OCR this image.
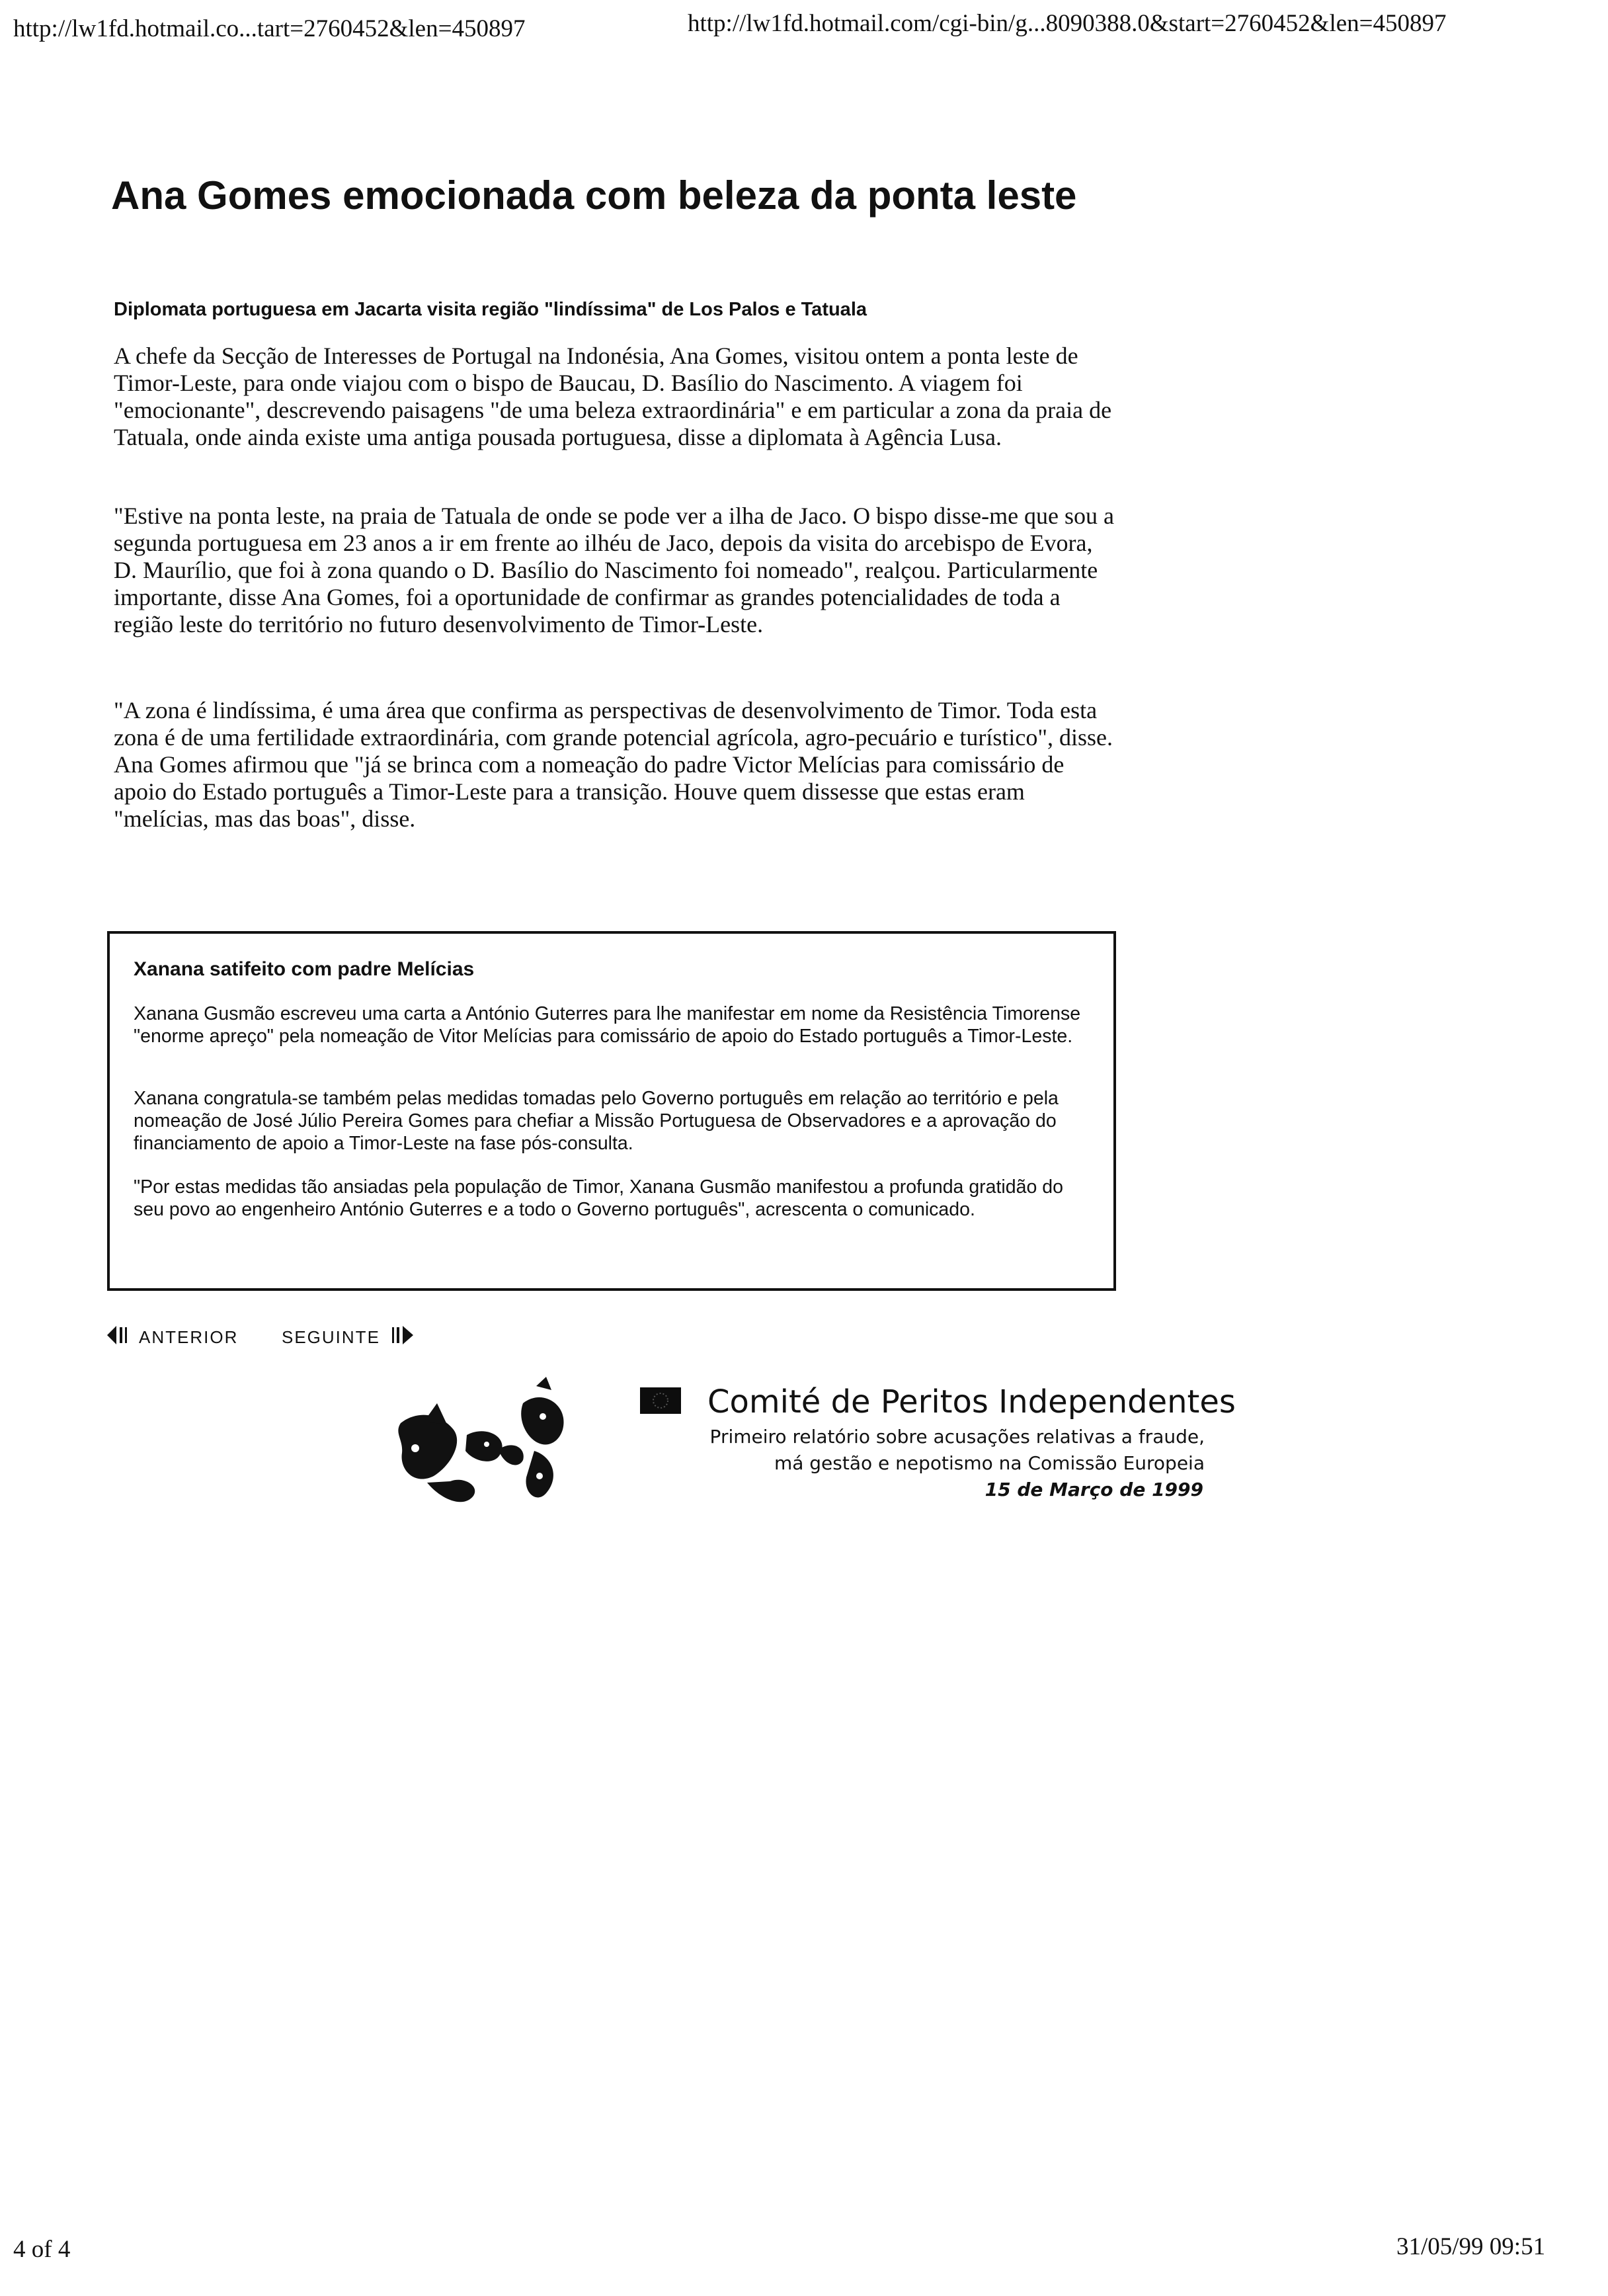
http://lw1fd.hotmail.co...tart=2760452&len=450897	http://lw1fd.hotmail.com/cgi-bin/g...8090388.0&start=2760452&len=450897
Ana Gomes emocionada com beleza da ponta leste
Diplomata portuguesa em Jacarta visita região "lindíssima" de Los Palos e Tatuala

A chefe da Secção de Interesses de Portugal na Indonésia, Ana Gomes, visitou ontem a ponta leste de Timor-Leste, para onde viajou com o bispo de Baucau, D. Basílio do Nascimento. A viagem foi "emocionante", descrevendo paisagens "de uma beleza extraordinária" e em particular a zona da praia de Tatuala, onde ainda existe uma antiga pousada portuguesa, disse a diplomata à Agência Lusa.

"Estive na ponta leste, na praia de Tatuala de onde se pode ver a ilha de Jaco. O bispo disse-me que sou a segunda portuguesa em 23 anos a ir em frente ao ilhéu de Jaco, depois da visita do arcebispo de Evora, D. Maurílio, que foi à zona quando o D. Basílio do Nascimento foi nomeado", realçou. Particularmente importante, disse Ana Gomes, foi a oportunidade de confirmar as grandes potencialidades de toda a região leste do território no futuro desenvolvimento de Timor-Leste.

"A zona é lindíssima, é uma área que confirma as perspectivas de desenvolvimento de Timor. Toda esta zona é de uma fertilidade extraordinária, com grande potencial agrícola, agro-pecuário e turístico", disse. Ana Gomes afirmou que "já se brinca com a nomeação do padre Victor Melícias para comissário de apoio do Estado português a Timor-Leste para a transição. Houve quem dissesse que estas eram "melícias, mas das boas", disse.

Xanana satifeito com padre Melícias

Xanana Gusmão escreveu uma carta a António Guterres para lhe manifestar em nome da Resistência Timorense "enorme apreço" pela nomeação de Vitor Melícias para comissário de apoio do Estado português a Timor-Leste.

Xanana congratula-se também pelas medidas tomadas pelo Governo português em relação ao território e pela nomeação de José Júlio Pereira Gomes para chefiar a Missão Portuguesa de Observadores e a aprovação do financiamento de apoio a Timor-Leste na fase pós-consulta.

"Por estas medidas tão ansiadas pela população de Timor, Xanana Gusmão manifestou a profunda gratidão do seu povo ao engenheiro António Guterres e a todo o Governo português", acrescenta o comunicado.

ANTERIOR	SEGUINTE
Comité de Peritos Independentes
Primeiro relatório sobre acusações relativas a fraude,
má gestão e nepotismo na Comissão Europeia
15 de Março de 1999
4 of 4	31/05/99 09:51
